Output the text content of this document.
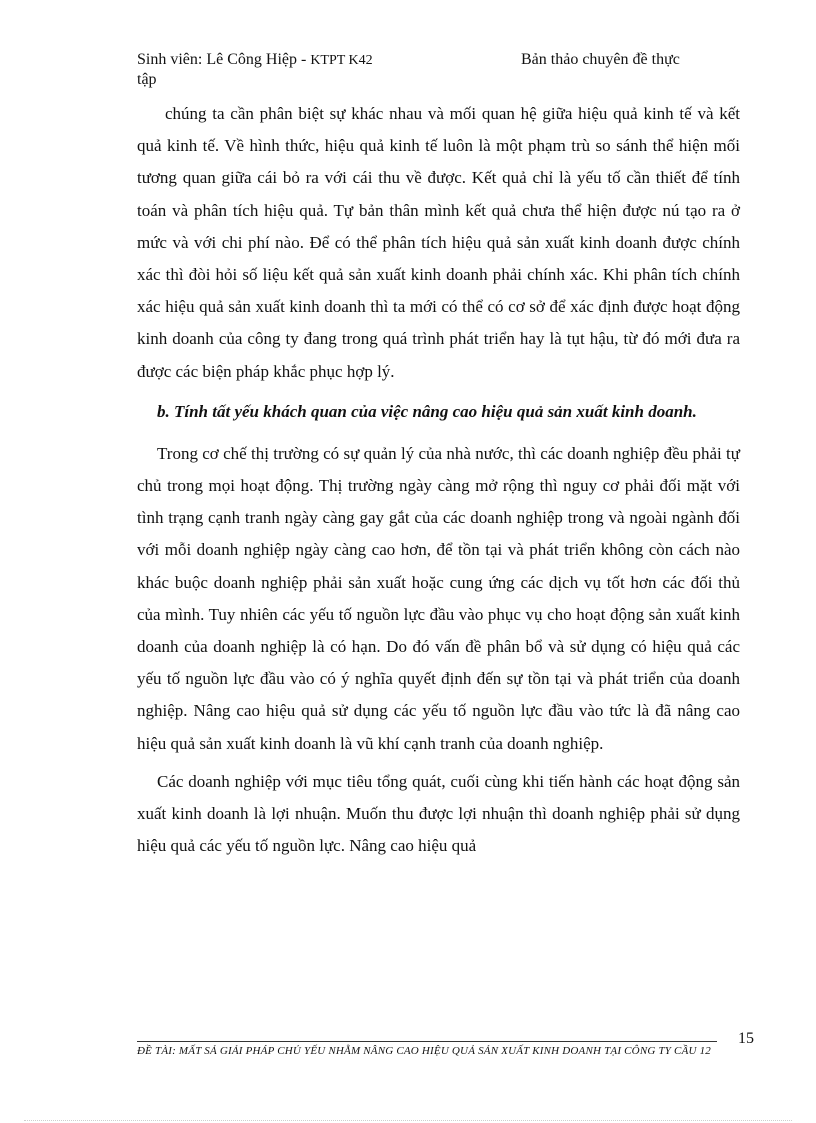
Sinh viên: Lê Công Hiệp - KTPT K42	Bản thảo chuyên đề thực
tập

chúng ta cần phân biệt sự khác nhau và mối quan hệ giữa hiệu quả kinh tế và kết quả kinh tế. Về hình thức, hiệu quả kinh tế luôn là một phạm trù so sánh thể hiện mối tương quan giữa cái bỏ ra với cái thu về được. Kết quả chỉ là yếu tố cần thiết để tính toán và phân tích hiệu quả. Tự bản thân mình kết quả chưa thể hiện được nú tạo ra ở mức và với chi phí nào. Để có thể phân tích hiệu quả sản xuất kinh doanh được chính xác thì đòi hỏi số liệu kết quả sản xuất kinh doanh phải chính xác. Khi phân tích chính xác hiệu quả sản xuất kinh doanh thì ta mới có thể có cơ sở để xác định được hoạt động kinh doanh của công ty đang trong quá trình phát triển hay là tụt hậu, từ đó mới đưa ra được các biện pháp khắc phục hợp lý.

b. Tính tất yếu khách quan của việc nâng cao hiệu quả sản xuất kinh doanh.

Trong cơ chế thị trường có sự quản lý của nhà nước, thì các doanh nghiệp đều phải tự chủ trong mọi hoạt động. Thị trường ngày càng mở rộng thì nguy cơ phải đối mặt với tình trạng cạnh tranh ngày càng gay gắt của các doanh nghiệp trong và ngoài ngành đối với mỗi doanh nghiệp ngày càng cao hơn, để tồn tại và phát triển không còn cách nào khác buộc doanh nghiệp phải sản xuất hoặc cung ứng các dịch vụ tốt hơn các đối thủ của mình. Tuy nhiên các yếu tố nguồn lực đầu vào phục vụ cho hoạt động sản xuất kinh doanh của doanh nghiệp là có hạn. Do đó vấn đề phân bổ và sử dụng có hiệu quả các yếu tố nguồn lực đầu vào có ý nghĩa quyết định đến sự tồn tại và phát triển của doanh nghiệp. Nâng cao hiệu quả sử dụng các yếu tố nguồn lực đầu vào tức là đã nâng cao hiệu quả sản xuất kinh doanh là vũ khí cạnh tranh của doanh nghiệp.

Các doanh nghiệp với mục tiêu tổng quát, cuối cùng khi tiến hành các hoạt động sản xuất kinh doanh là lợi nhuận. Muốn thu được lợi nhuận thì doanh nghiệp phải sử dụng hiệu quả các yếu tố nguồn lực. Nâng cao hiệu quả

15
ĐỀ TÀI: MẤT SẢ GIẢI PHÁP CHỦ YẾU NHẰM NÂNG CAO HIỆU QUẢ SẢN XUẤT KINH DOANH TẠI CÔNG TY CẦU 12
